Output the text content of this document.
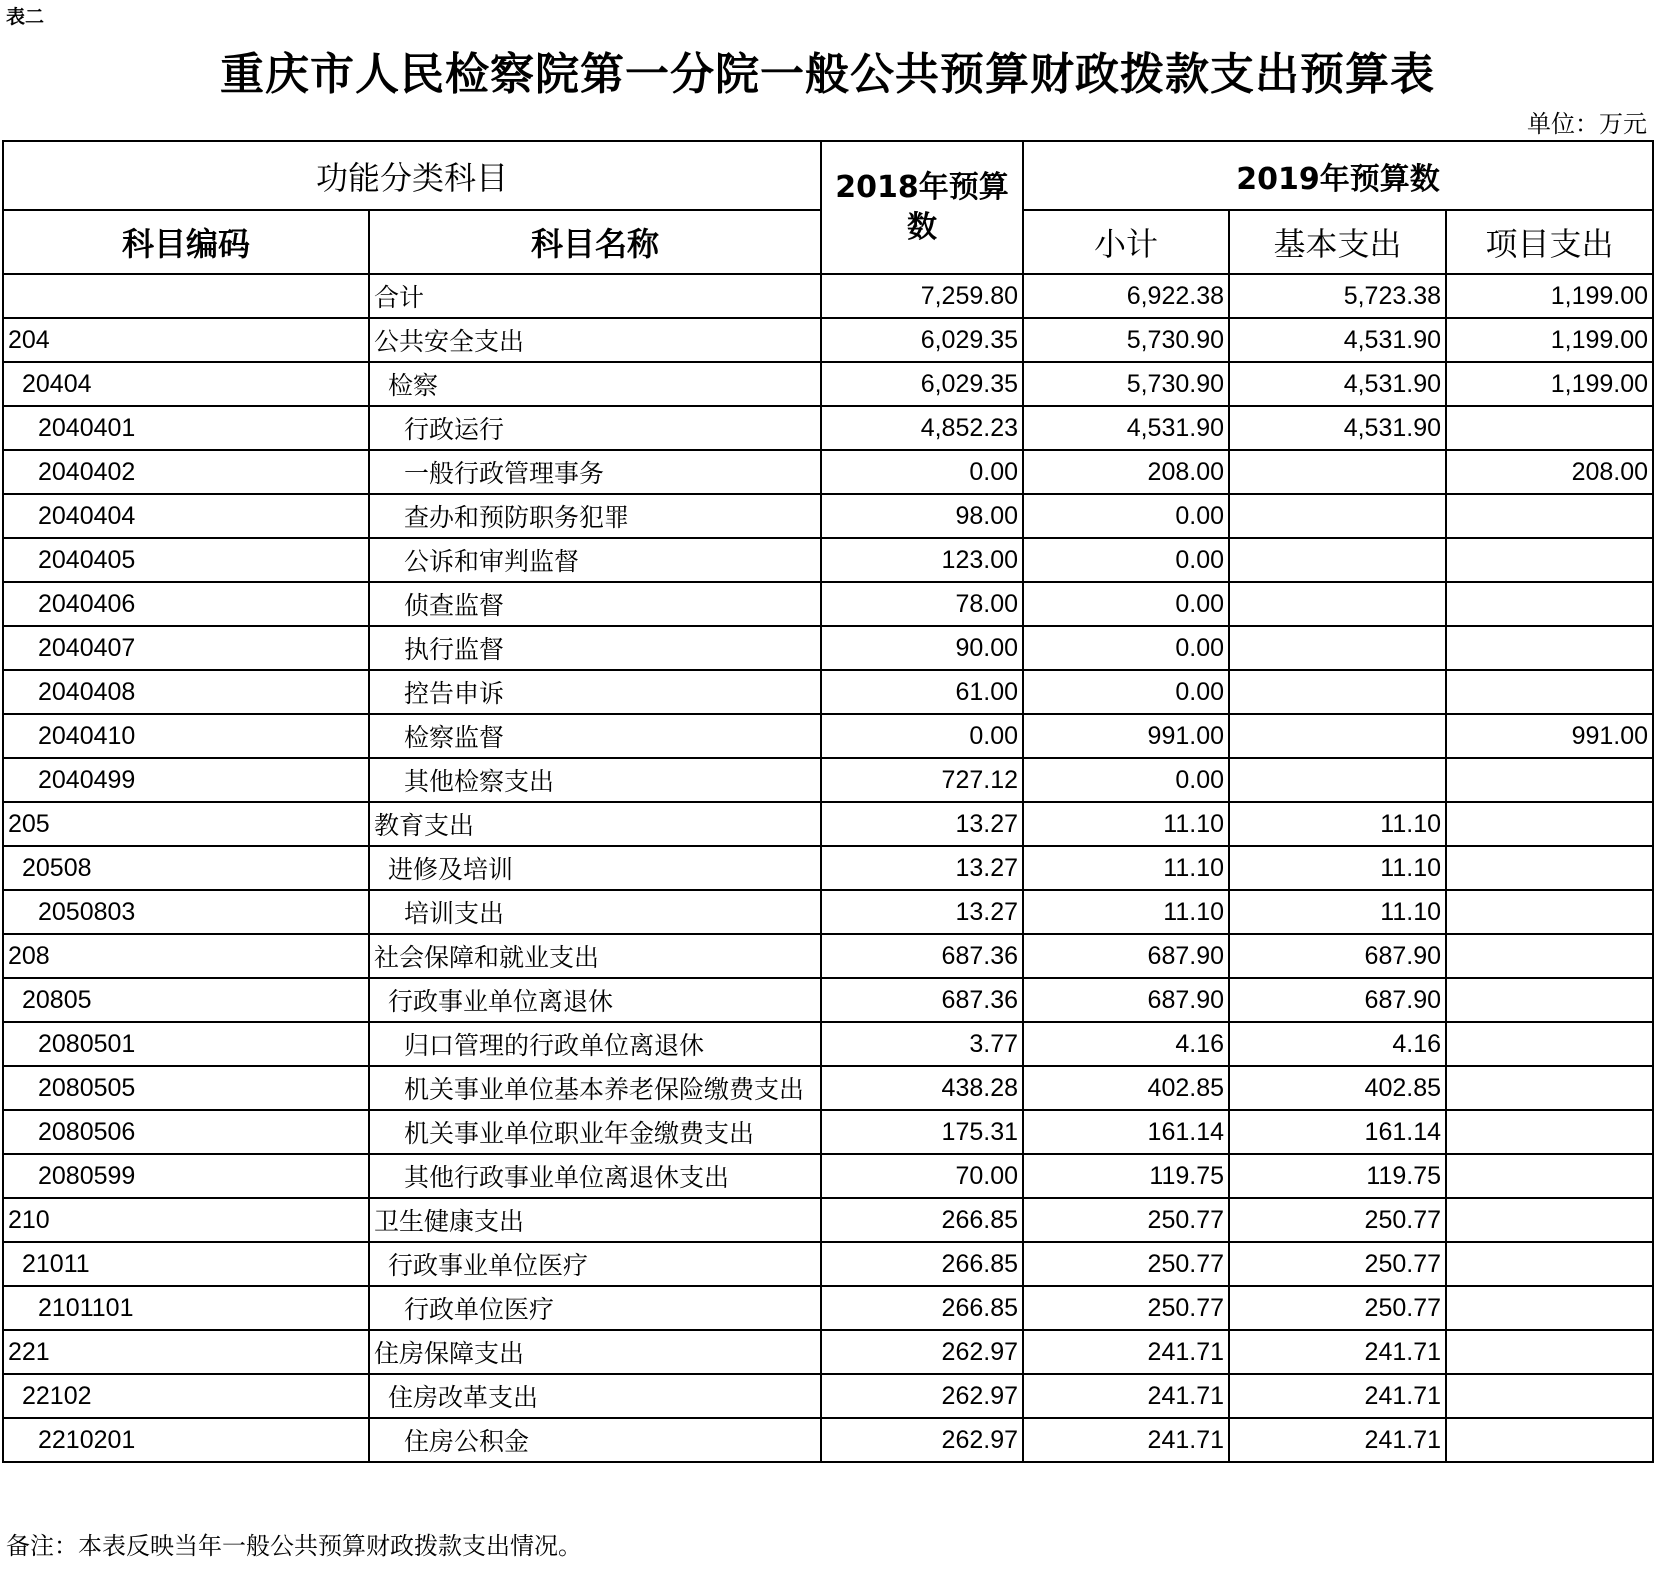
表二
重庆市人民检察院第一分院一般公共预算财政拨款支出预算表
单位：万元
功能分类科目		2018年预算数	2019年预算数		
科目编码	科目名称		小计	基本支出	项目支出
	合计	7,259.80	6,922.38	5,723.38	1,199.00
204	公共安全支出	6,029.35	5,730.90	4,531.90	1,199.00
20404	检察	6,029.35	5,730.90	4,531.90	1,199.00
2040401	行政运行	4,852.23	4,531.90	4,531.90	
2040402	一般行政管理事务	0.00	208.00		208.00
2040404	查办和预防职务犯罪	98.00	0.00		
2040405	公诉和审判监督	123.00	0.00		
2040406	侦查监督	78.00	0.00		
2040407	执行监督	90.00	0.00		
2040408	控告申诉	61.00	0.00		
2040410	检察监督	0.00	991.00		991.00
2040499	其他检察支出	727.12	0.00		
205	教育支出	13.27	11.10	11.10	
20508	进修及培训	13.27	11.10	11.10	
2050803	培训支出	13.27	11.10	11.10	
208	社会保障和就业支出	687.36	687.90	687.90	
20805	行政事业单位离退休	687.36	687.90	687.90	
2080501	归口管理的行政单位离退休	3.77	4.16	4.16	
2080505	机关事业单位基本养老保险缴费支出	438.28	402.85	402.85	
2080506	机关事业单位职业年金缴费支出	175.31	161.14	161.14	
2080599	其他行政事业单位离退休支出	70.00	119.75	119.75	
210	卫生健康支出	266.85	250.77	250.77	
21011	行政事业单位医疗	266.85	250.77	250.77	
2101101	行政单位医疗	266.85	250.77	250.77	
221	住房保障支出	262.97	241.71	241.71	
22102	住房改革支出	262.97	241.71	241.71	
2210201	住房公积金	262.97	241.71	241.71	
备注：本表反映当年一般公共预算财政拨款支出情况。
